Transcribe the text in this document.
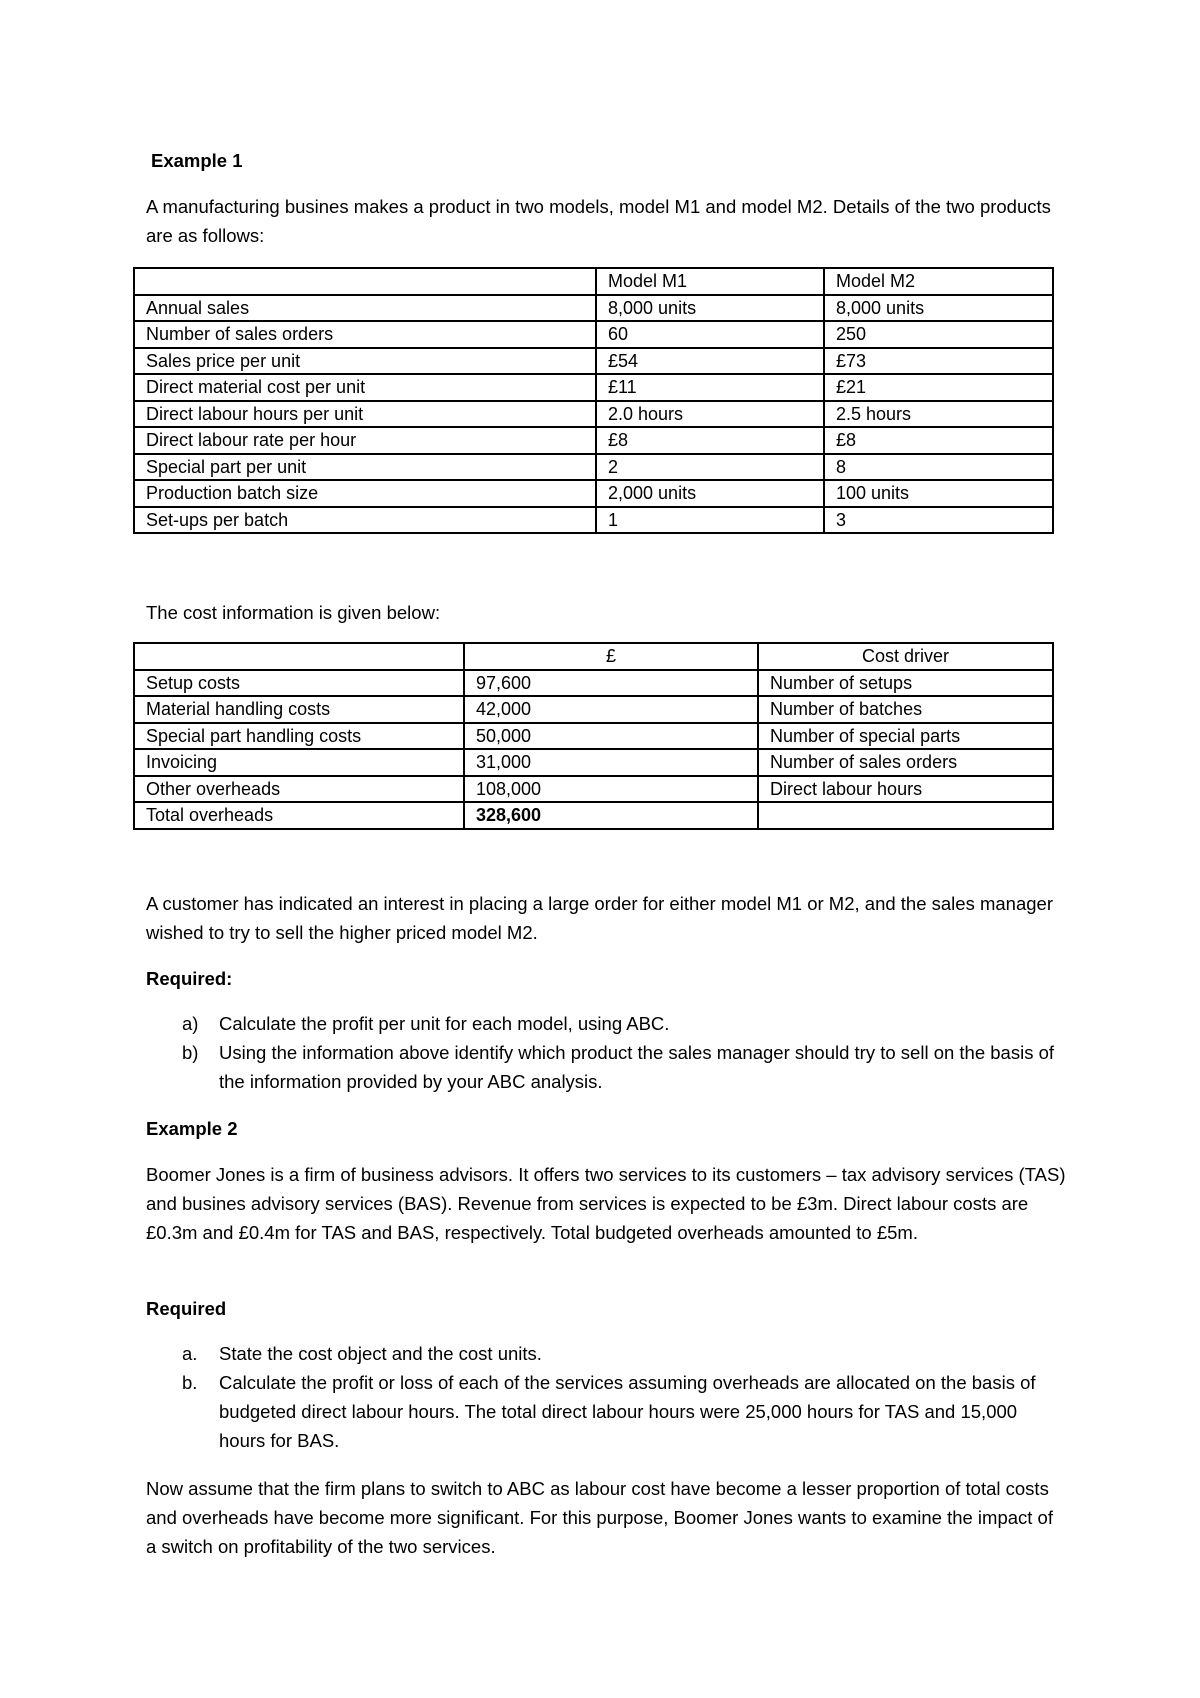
Example 1

A manufacturing busines makes a product in two models, model M1 and model M2. Details of the two products are as follows:

	Model M1	Model M2
Annual sales	8,000 units	8,000 units
Number of sales orders	60	250
Sales price per unit	£54	£73
Direct material cost per unit	£11	£21
Direct labour hours per unit	2.0 hours	2.5 hours
Direct labour rate per hour	£8	£8
Special part per unit	2	8
Production batch size	2,000 units	100 units
Set-ups per batch	1	3

The cost information is given below:

	£	Cost driver
Setup costs	97,600	Number of setups
Material handling costs	42,000	Number of batches
Special part handling costs	50,000	Number of special parts
Invoicing	31,000	Number of sales orders
Other overheads	108,000	Direct labour hours
Total overheads	328,600	

A customer has indicated an interest in placing a large order for either model M1 or M2, and the sales manager wished to try to sell the higher priced model M2.

Required:

a) Calculate the profit per unit for each model, using ABC.
b) Using the information above identify which product the sales manager should try to sell on the basis of the information provided by your ABC analysis.

Example 2

Boomer Jones is a firm of business advisors. It offers two services to its customers – tax advisory services (TAS) and busines advisory services (BAS). Revenue from services is expected to be £3m. Direct labour costs are £0.3m and £0.4m for TAS and BAS, respectively. Total budgeted overheads amounted to £5m.

Required

a. State the cost object and the cost units.
b. Calculate the profit or loss of each of the services assuming overheads are allocated on the basis of budgeted direct labour hours. The total direct labour hours were 25,000 hours for TAS and 15,000 hours for BAS.

Now assume that the firm plans to switch to ABC as labour cost have become a lesser proportion of total costs and overheads have become more significant. For this purpose, Boomer Jones wants to examine the impact of a switch on profitability of the two services.
